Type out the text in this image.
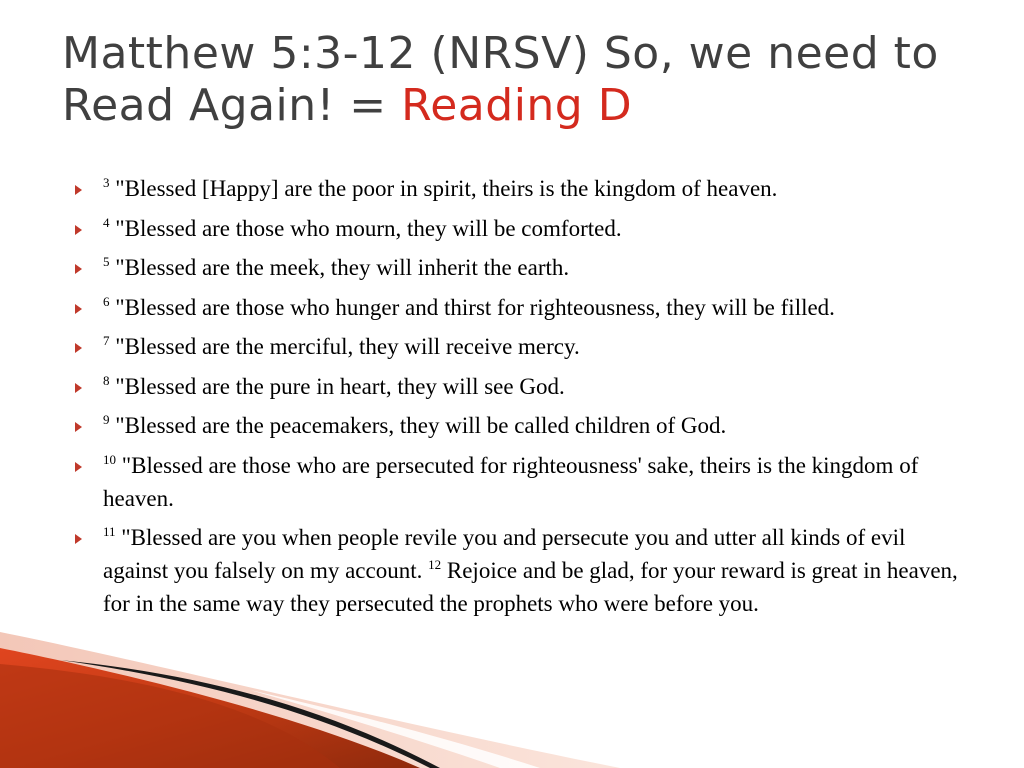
Matthew 5:3-12 (NRSV) So, we need to Read Again! = Reading D
$^3$ "Blessed [Happy] are the poor in spirit, theirs is the kingdom of heaven.
$^4$ "Blessed are those who mourn, they will be comforted.
$^5$ "Blessed are the meek, they will inherit the earth.
$^6$ "Blessed are those who hunger and thirst for righteousness, they will be filled.
$^7$ "Blessed are the merciful, they will receive mercy.
$^8$ "Blessed are the pure in heart, they will see God.
$^9$ "Blessed are the peacemakers, they will be called children of God.
$^{10}$ "Blessed are those who are persecuted for righteousness' sake, theirs is the kingdom of heaven.
$^{11}$ "Blessed are you when people revile you and persecute you and utter all kinds of evil against you falsely on my account. $^{12}$ Rejoice and be glad, for your reward is great in heaven, for in the same way they persecuted the prophets who were before you.
